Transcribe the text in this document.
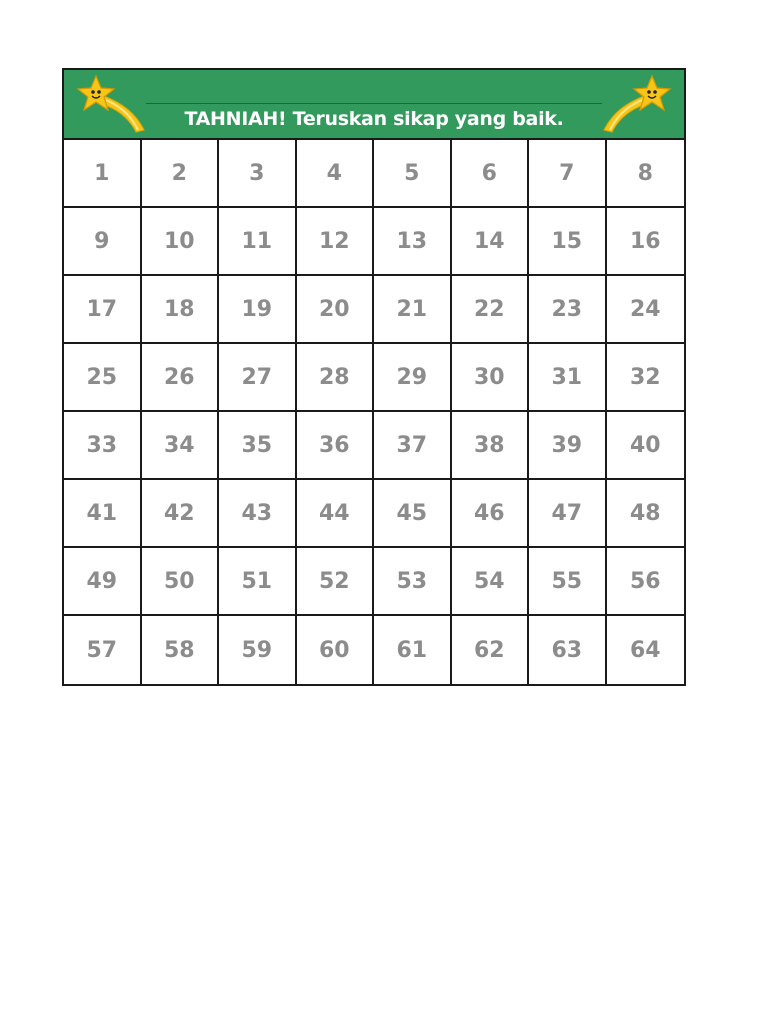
TAHNIAH! Teruskan sikap yang baik.
1	2	3	4	5	6	7	8
9	10	11	12	13	14	15	16
17	18	19	20	21	22	23	24
25	26	27	28	29	30	31	32
33	34	35	36	37	38	39	40
41	42	43	44	45	46	47	48
49	50	51	52	53	54	55	56
57	58	59	60	61	62	63	64
